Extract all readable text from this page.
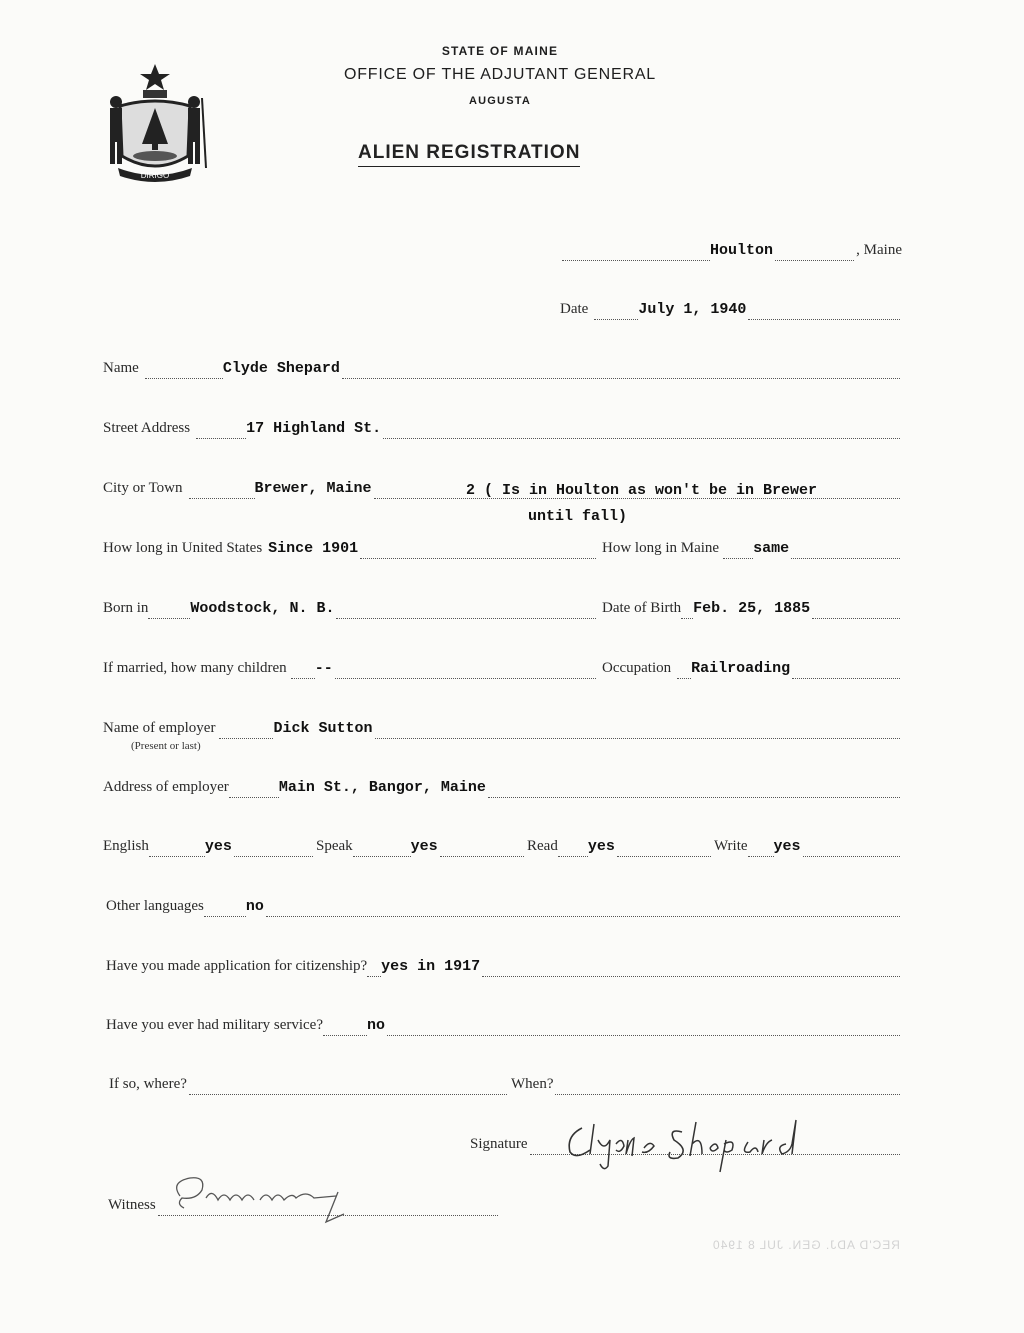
DIRIGO
STATE OF MAINE
OFFICE OF THE ADJUTANT GENERAL
AUGUSTA
ALIEN REGISTRATION
Houlton	, Maine
Date	July 1, 1940
Name	Clyde Shepard
Street Address	17 Highland St.
City or Town	Brewer, Maine	2 ( Is in Houlton as won't be in Brewer
until fall)
How long in United States Since 1901	How long in Maine same
Born in	Woodstock, N. B.	Date of Birth Feb. 25, 1885
If married, how many children --	Occupation Railroading
Name of employer	Dick Sutton
(Present or last)
Address of employer	Main St., Bangor, Maine
English	yes	Speak	yes	Read yes	Write yes
Other languages	no
Have you made application for citizenship? yes in 1917
Have you ever had military service?	no
If so, where?	When?
Signature
Witness
REC'D ADJ. GEN. JUL 8 1940
